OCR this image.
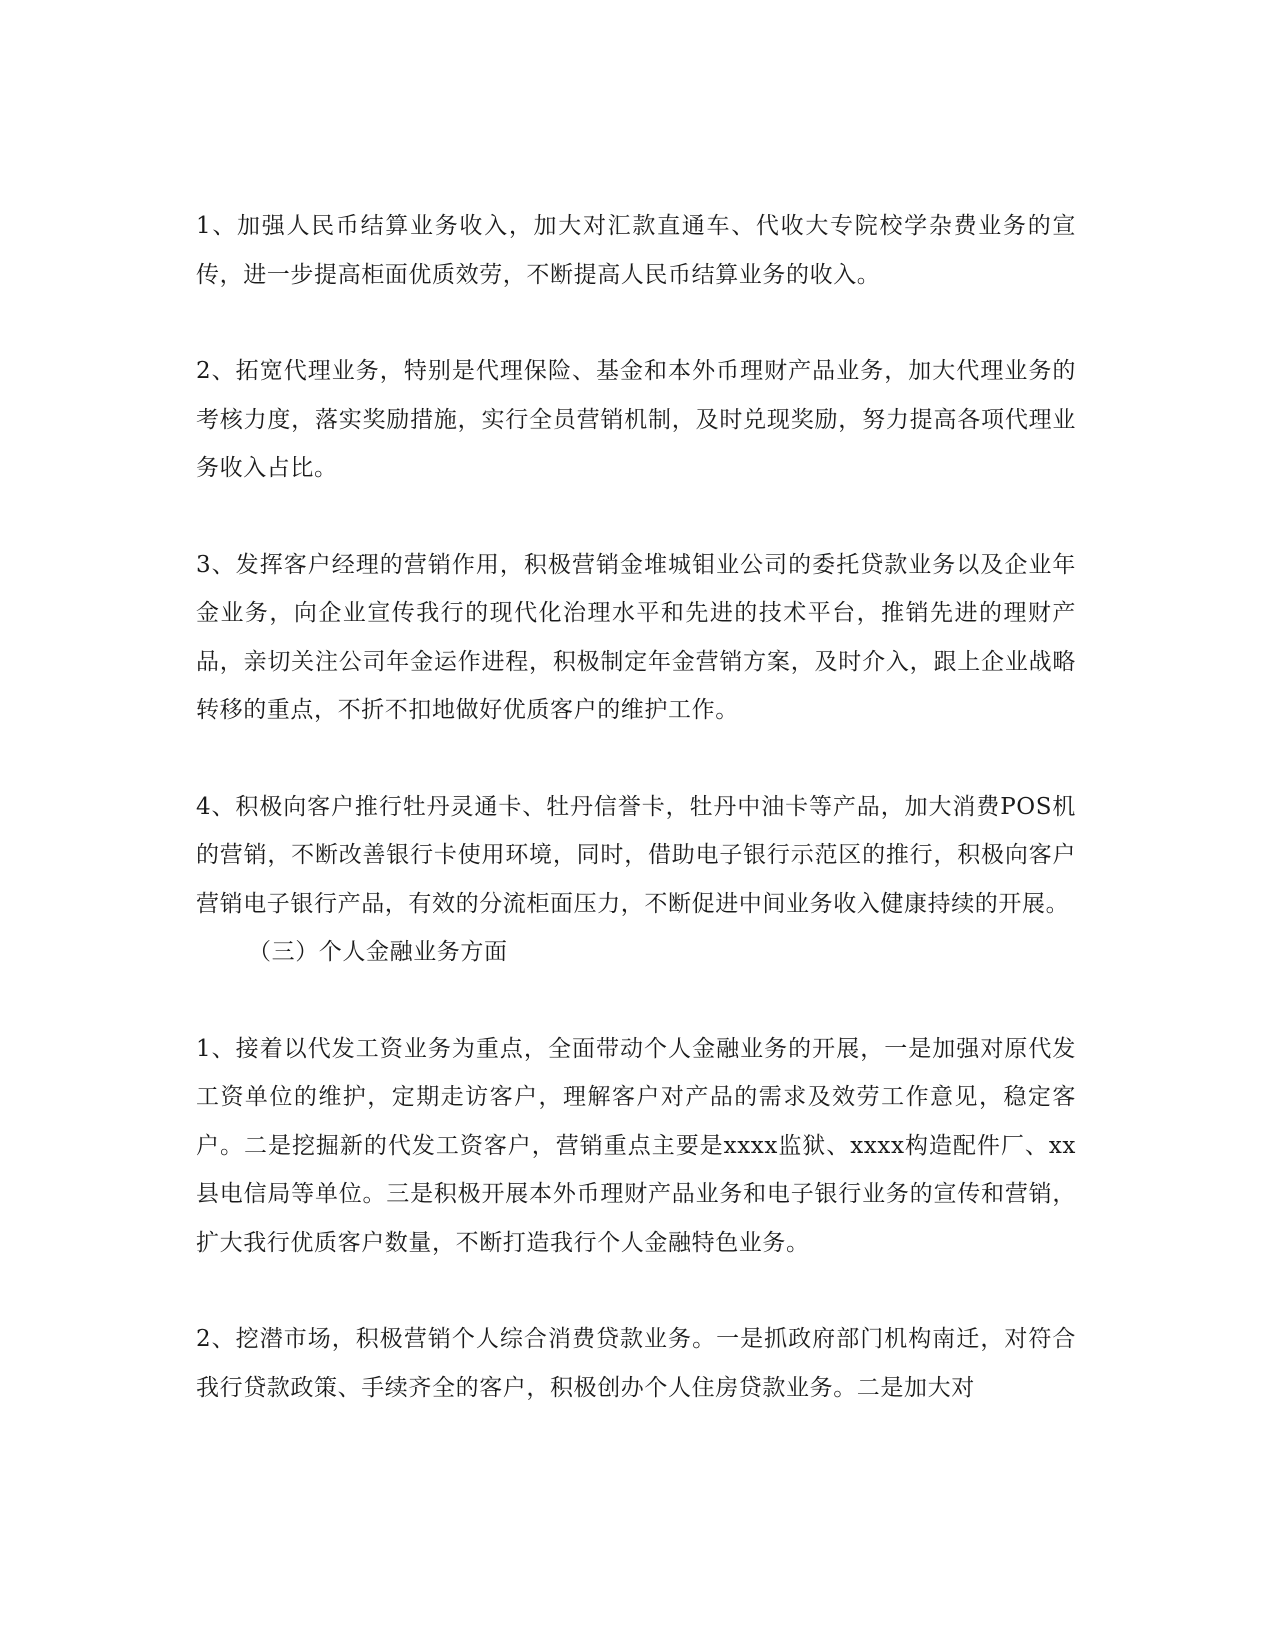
1、加强人民币结算业务收入，加大对汇款直通车、代收大专院校学杂费业务的宣传，进一步提高柜面优质效劳，不断提高人民币结算业务的收入。

2、拓宽代理业务，特别是代理保险、基金和本外币理财产品业务，加大代理业务的考核力度，落实奖励措施，实行全员营销机制，及时兑现奖励，努力提高各项代理业务收入占比。

3、发挥客户经理的营销作用，积极营销金堆城钼业公司的委托贷款业务以及企业年金业务，向企业宣传我行的现代化治理水平和先进的技术平台，推销先进的理财产品，亲切关注公司年金运作进程，积极制定年金营销方案，及时介入，跟上企业战略转移的重点，不折不扣地做好优质客户的维护工作。

4、积极向客户推行牡丹灵通卡、牡丹信誉卡，牡丹中油卡等产品，加大消费POS机的营销，不断改善银行卡使用环境，同时，借助电子银行示范区的推行，积极向客户营销电子银行产品，有效的分流柜面压力，不断促进中间业务收入健康持续的开展。

（三）个人金融业务方面

1、接着以代发工资业务为重点，全面带动个人金融业务的开展，一是加强对原代发工资单位的维护，定期走访客户，理解客户对产品的需求及效劳工作意见，稳定客户。二是挖掘新的代发工资客户，营销重点主要是xxxx监狱、xxxx构造配件厂、xx县电信局等单位。三是积极开展本外币理财产品业务和电子银行业务的宣传和营销，扩大我行优质客户数量，不断打造我行个人金融特色业务。

2、挖潜市场，积极营销个人综合消费贷款业务。一是抓政府部门机构南迁，对符合我行贷款政策、手续齐全的客户，积极创办个人住房贷款业务。二是加大对
